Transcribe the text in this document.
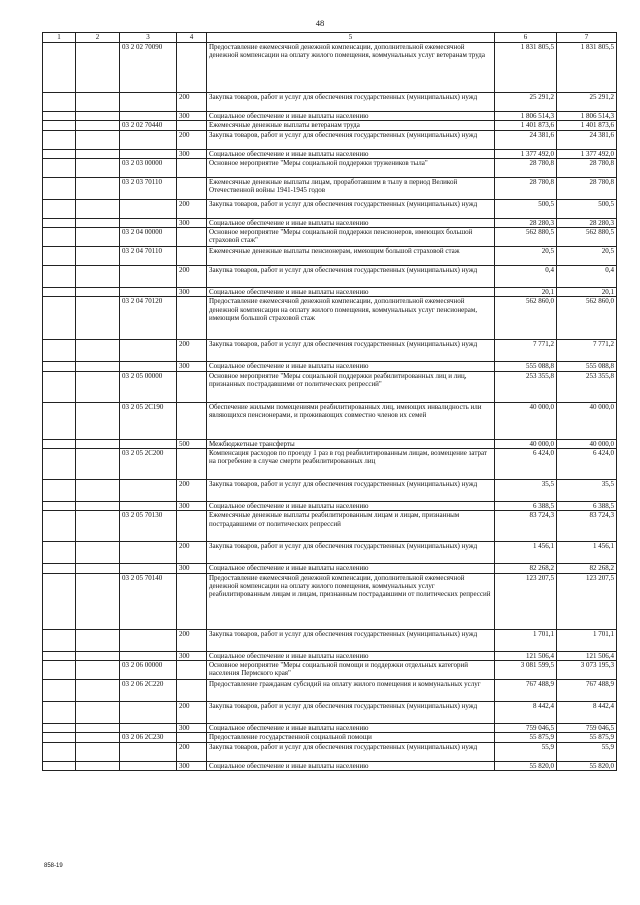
48
1	2	3	4	5	6	7
		03 2 02 70090		Предоставление ежемесячной денежной компенсации, дополнительной ежемесячной денежной компенсации на оплату жилого помещения, коммунальных услуг ветеранам труда	1 831 805,5	1 831 805,5
			200	Закупка товаров, работ и услуг для обеспечения государственных (муниципальных) нужд	25 291,2	25 291,2
			300	Социальное обеспечение и иные выплаты населению	1 806 514,3	1 806 514,3
		03 2 02 70440		Ежемесячные денежные выплаты ветеранам труда	1 401 873,6	1 401 873,6
			200	Закупка товаров, работ и услуг для обеспечения государственных (муниципальных) нужд	24 381,6	24 381,6
			300	Социальное обеспечение и иные выплаты населению	1 377 492,0	1 377 492,0
		03 2 03 00000		Основное мероприятие "Меры социальной поддержки тружеников тыла"	28 780,8	28 780,8
		03 2 03 70110		Ежемесячные денежные выплаты лицам, проработавшим в тылу в период Великой Отечественной войны 1941-1945 годов	28 780,8	28 780,8
			200	Закупка товаров, работ и услуг для обеспечения государственных (муниципальных) нужд	500,5	500,5
			300	Социальное обеспечение и иные выплаты населению	28 280,3	28 280,3
		03 2 04 00000		Основное мероприятие "Меры социальной поддержки пенсионеров, имеющих большой страховой стаж"	562 880,5	562 880,5
		03 2 04 70110		Ежемесячные денежные выплаты пенсионерам, имеющим большой страховой стаж	20,5	20,5
			200	Закупка товаров, работ и услуг для обеспечения государственных (муниципальных) нужд	0,4	0,4
			300	Социальное обеспечение и иные выплаты населению	20,1	20,1
		03 2 04 70120		Предоставление ежемесячной денежной компенсации, дополнительной ежемесячной денежной компенсации на оплату жилого помещения, коммунальных услуг пенсионерам, имеющим большой страховой стаж	562 860,0	562 860,0
			200	Закупка товаров, работ и услуг для обеспечения государственных (муниципальных) нужд	7 771,2	7 771,2
			300	Социальное обеспечение и иные выплаты населению	555 088,8	555 088,8
		03 2 05 00000		Основное мероприятие "Меры социальной поддержки реабилитированных лиц и лиц, признанных пострадавшими от политических репрессий"	253 355,8	253 355,8
		03 2 05 2С190		Обеспечение жилыми помещениями реабилитированных лиц, имеющих инвалидность или являющихся пенсионерами, и проживающих совместно членов их семей	40 000,0	40 000,0
			500	Межбюджетные трансферты	40 000,0	40 000,0
		03 2 05 2С200		Компенсация расходов по проезду 1 раз в год реабилитированным лицам, возмещение затрат на погребение в случае смерти реабилитированных лиц	6 424,0	6 424,0
			200	Закупка товаров, работ и услуг для обеспечения государственных (муниципальных) нужд	35,5	35,5
			300	Социальное обеспечение и иные выплаты населению	6 388,5	6 388,5
		03 2 05 70130		Ежемесячные денежные выплаты реабилитированным лицам и лицам, признанным пострадавшими от политических репрессий	83 724,3	83 724,3
			200	Закупка товаров, работ и услуг для обеспечения государственных (муниципальных) нужд	1 456,1	1 456,1
			300	Социальное обеспечение и иные выплаты населению	82 268,2	82 268,2
		03 2 05 70140		Предоставление ежемесячной денежной компенсации, дополнительной ежемесячной денежной компенсации на оплату жилого помещения, коммунальных услуг реабилитированным лицам и лицам, признанным пострадавшими от политических репрессий	123 207,5	123 207,5
			200	Закупка товаров, работ и услуг для обеспечения государственных (муниципальных) нужд	1 701,1	1 701,1
			300	Социальное обеспечение и иные выплаты населению	121 506,4	121 506,4
		03 2 06 00000		Основное мероприятие "Меры социальной помощи и поддержки отдельных категорий населения Пермского края"	3 081 599,5	3 073 195,3
		03 2 06 2С220		Предоставление гражданам субсидий на оплату жилого помещения и коммунальных услуг	767 488,9	767 488,9
			200	Закупка товаров, работ и услуг для обеспечения государственных (муниципальных) нужд	8 442,4	8 442,4
			300	Социальное обеспечение и иные выплаты населению	759 046,5	759 046,5
		03 2 06 2С230		Предоставление государственной социальной помощи	55 875,9	55 875,9
			200	Закупка товаров, работ и услуг для обеспечения государственных (муниципальных) нужд	55,9	55,9
			300	Социальное обеспечение и иные выплаты населению	55 820,0	55 820,0
858-19
